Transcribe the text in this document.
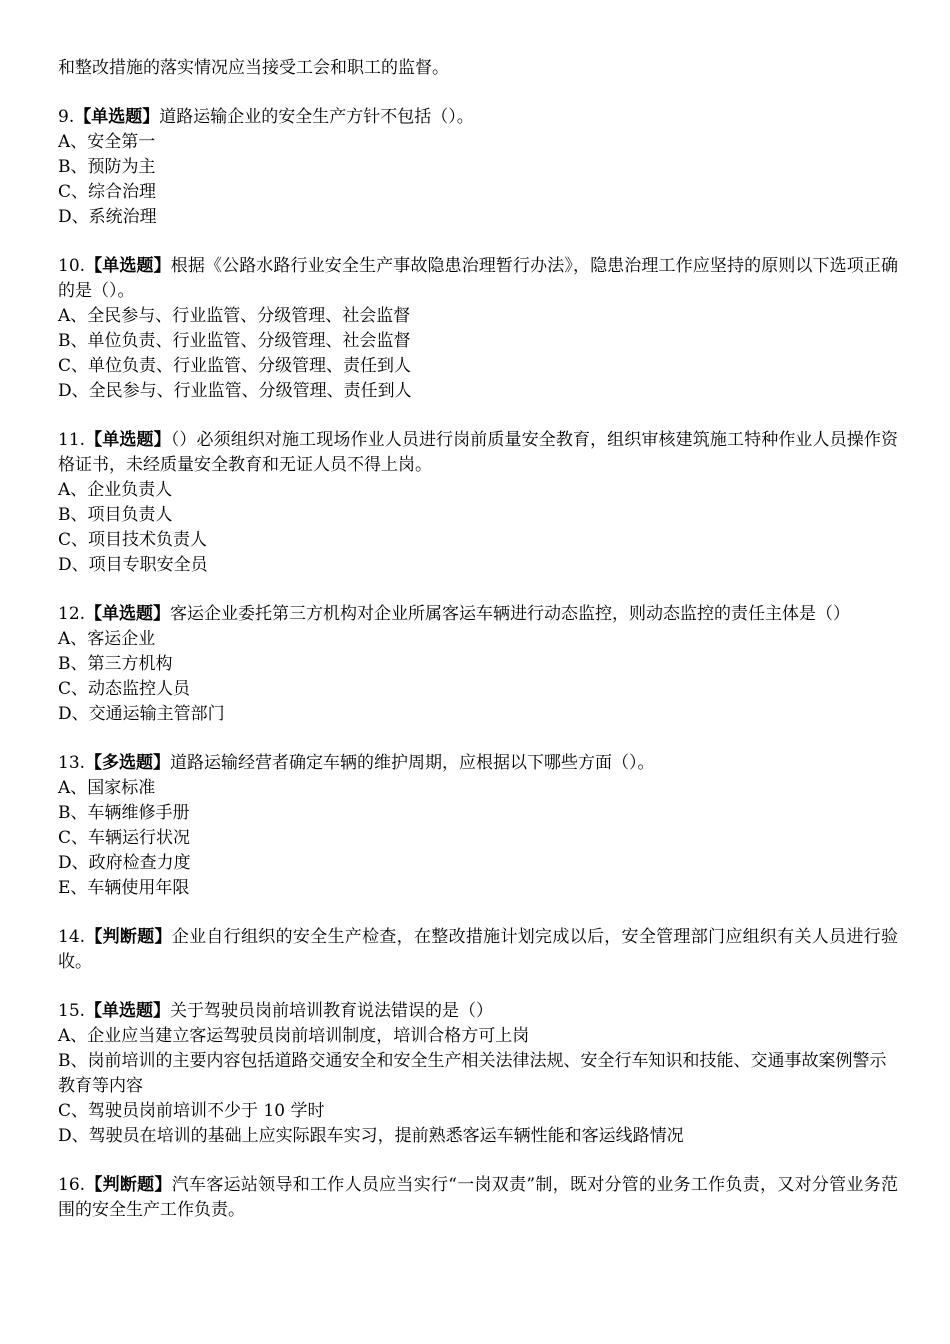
和整改措施的落实情况应当接受工会和职工的监督。
9.【单选题】道路运输企业的安全生产方针不包括（）。
A、安全第一
B、预防为主
C、综合治理
D、系统治理
10.【单选题】根据《公路水路行业安全生产事故隐患治理暂行办法》，隐患治理工作应坚持的原则以下选项正确的是（）。
A、全民参与、行业监管、分级管理、社会监督
B、单位负责、行业监管、分级管理、社会监督
C、单位负责、行业监管、分级管理、责任到人
D、全民参与、行业监管、分级管理、责任到人
11.【单选题】（）必须组织对施工现场作业人员进行岗前质量安全教育，组织审核建筑施工特种作业人员操作资格证书，未经质量安全教育和无证人员不得上岗。
A、企业负责人
B、项目负责人
C、项目技术负责人
D、项目专职安全员
12.【单选题】客运企业委托第三方机构对企业所属客运车辆进行动态监控，则动态监控的责任主体是（）
A、客运企业
B、第三方机构
C、动态监控人员
D、交通运输主管部门
13.【多选题】道路运输经营者确定车辆的维护周期，应根据以下哪些方面（）。
A、国家标准
B、车辆维修手册
C、车辆运行状况
D、政府检查力度
E、车辆使用年限
14.【判断题】企业自行组织的安全生产检查，在整改措施计划完成以后，安全管理部门应组织有关人员进行验收。
15.【单选题】关于驾驶员岗前培训教育说法错误的是（）
A、企业应当建立客运驾驶员岗前培训制度，培训合格方可上岗
B、岗前培训的主要内容包括道路交通安全和安全生产相关法律法规、安全行车知识和技能、交通事故案例警示教育等内容
C、驾驶员岗前培训不少于 10 学时
D、驾驶员在培训的基础上应实际跟车实习，提前熟悉客运车辆性能和客运线路情况
16.【判断题】汽车客运站领导和工作人员应当实行“一岗双责”制，既对分管的业务工作负责，又对分管业务范围的安全生产工作负责。
